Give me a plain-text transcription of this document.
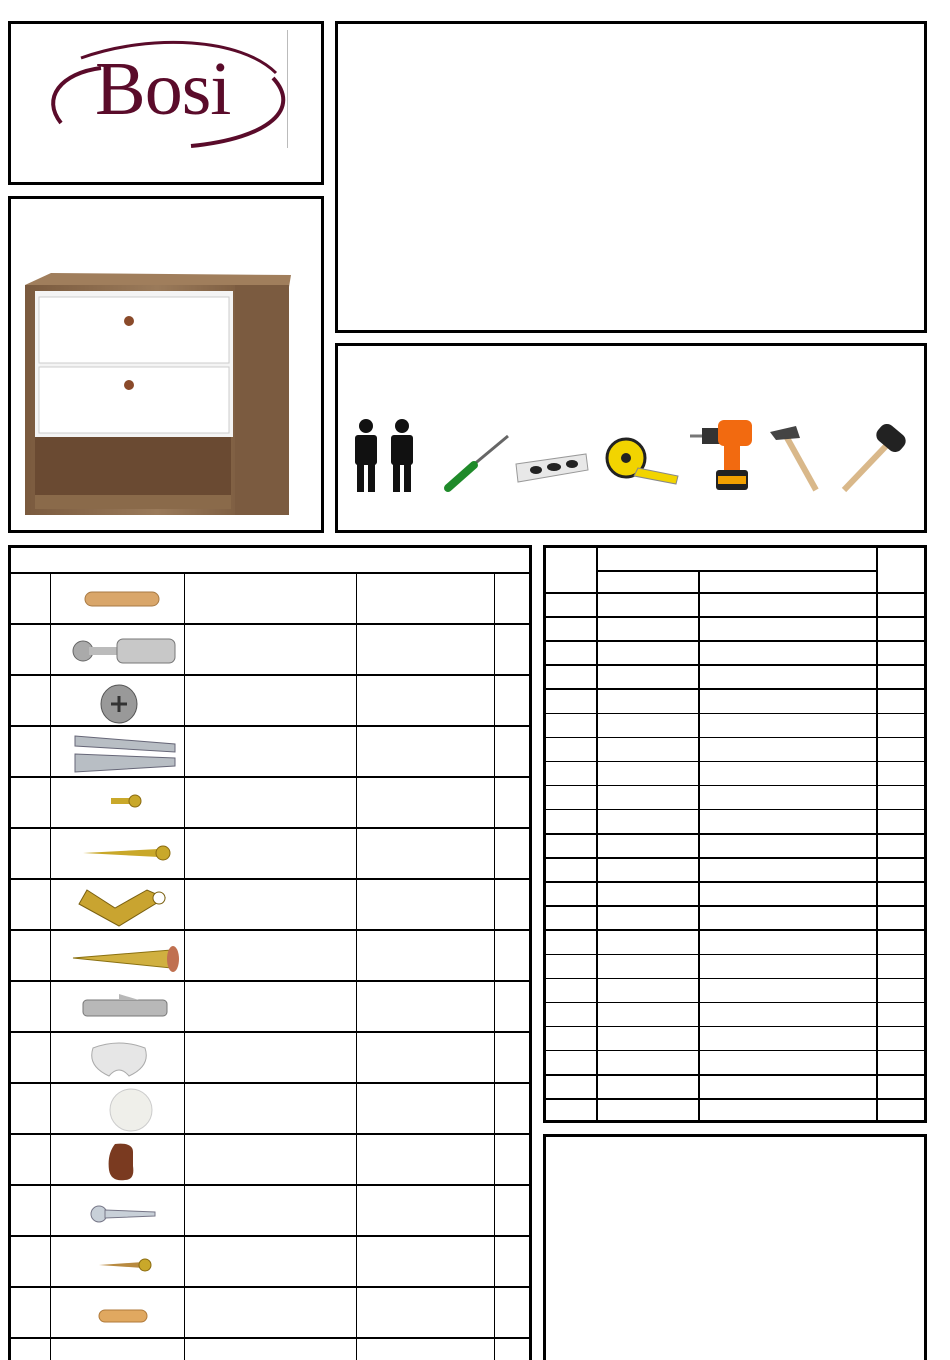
Bosi
